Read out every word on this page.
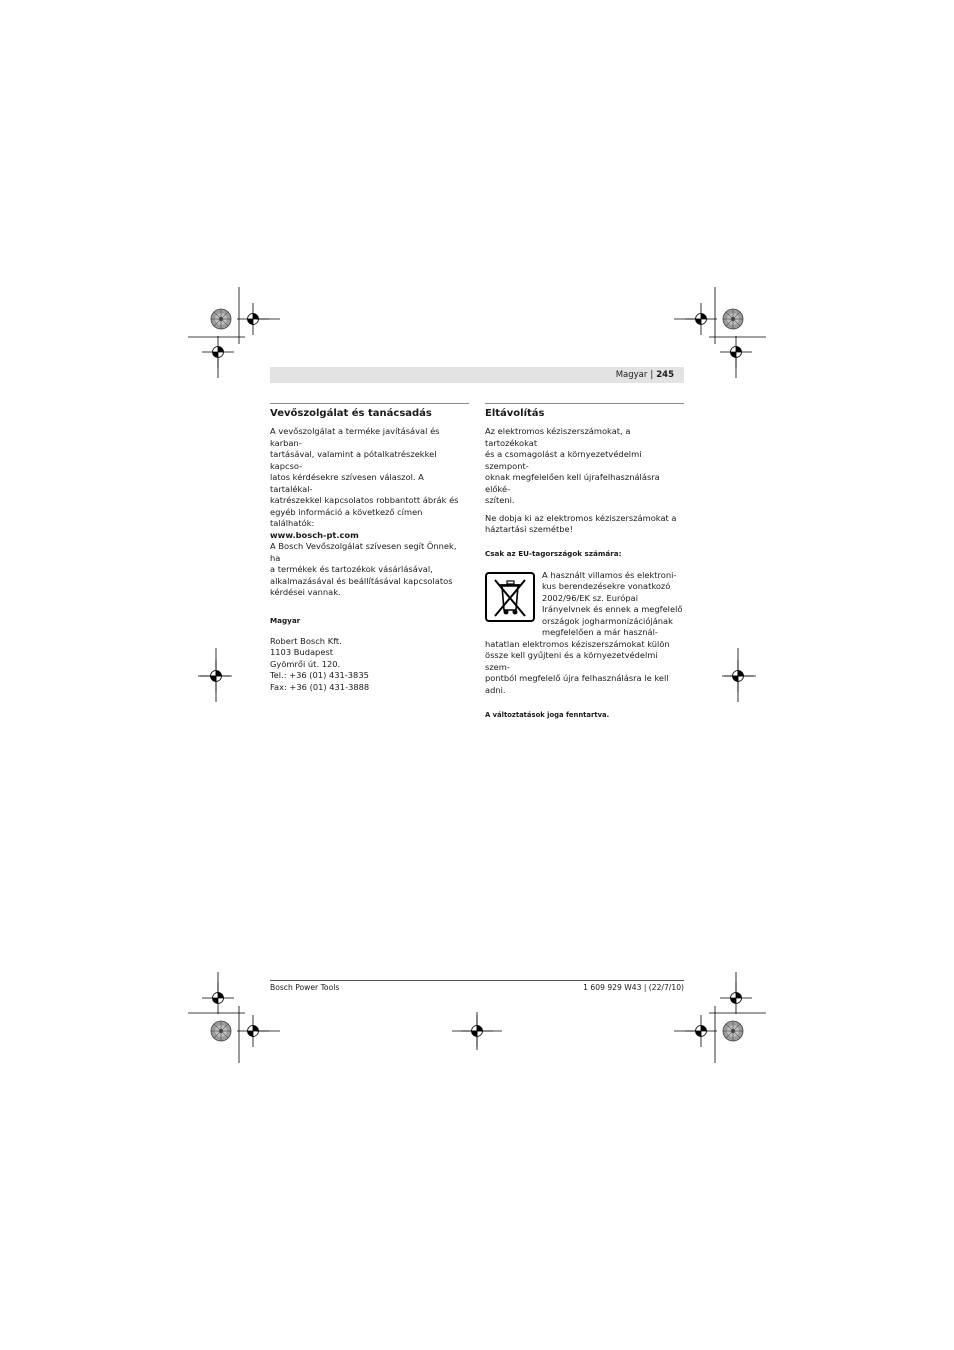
Magyar | 245
Vevőszolgálat és tanácsadás

A vevőszolgálat a terméke javításával és karban-
tartásával, valamint a pótalkatrészekkel kapcso-
latos kérdésekre szívesen válaszol. A tartalékal-
katrészekkel kapcsolatos robbantott ábrák és
egyéb információ a következő címen találhatók:
www.bosch-pt.com
A Bosch Vevőszolgálat szívesen segít Önnek, ha
a termékek és tartozékok vásárlásával,
alkalmazásával és beállításával kapcsolatos
kérdései vannak.

Magyar

Robert Bosch Kft.
1103 Budapest
Gyömrői út. 120.
Tel.: +36 (01) 431-3835
Fax: +36 (01) 431-3888

Eltávolítás

Az elektromos kéziszerszámokat, a tartozékokat
és a csomagolást a környezetvédelmi szempont-
oknak megfelelően kell újrafelhasználásra előké-
szíteni.

Ne dobja ki az elektromos kéziszerszámokat a
háztartási szemétbe!

Csak az EU-tagországok számára:

A használt villamos és elektroni-
kus berendezésekre vonatkozó
2002/96/EK sz. Európai
Irányelvnek és ennek a megfelelő
országok jogharmonizációjának
megfelelően a már használ-
hatatlan elektromos kéziszerszámokat külön
össze kell gyűjteni és a környezetvédelmi szem-
pontból megfelelő újra felhasználásra le kell
adni.

A változtatások joga fenntartva.

Bosch Power Tools	1 609 929 W43 | (22/7/10)
